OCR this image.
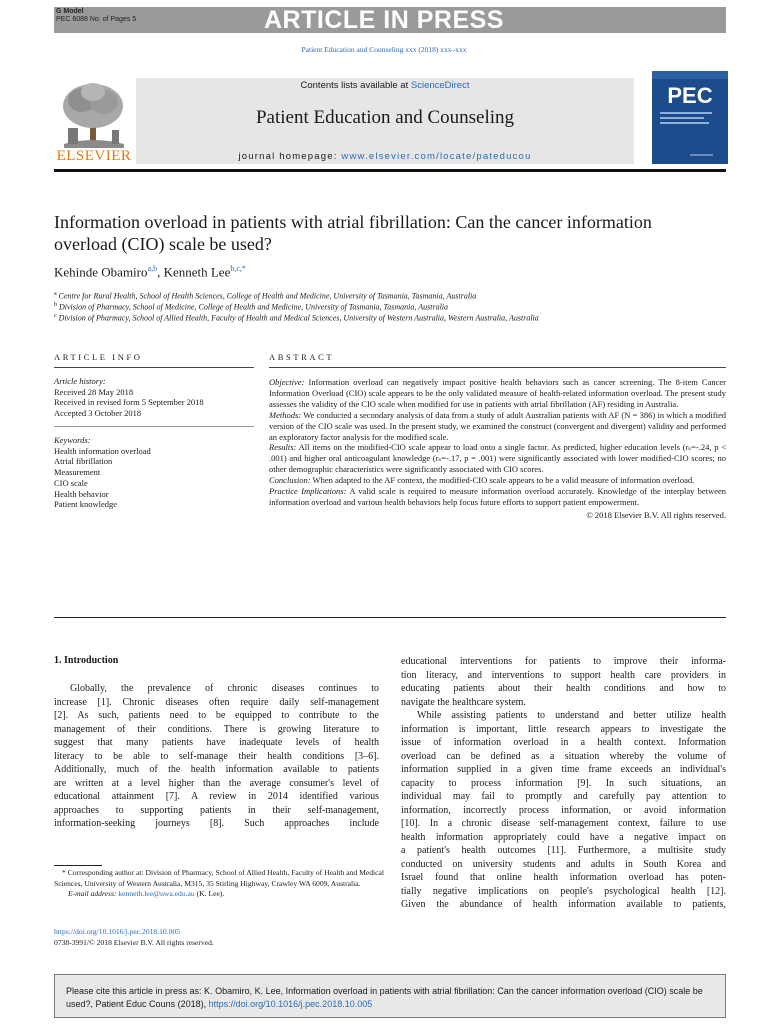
G Model
PEC 6088 No. of Pages 5	ARTICLE IN PRESS
Patient Education and Counseling xxx (2018) xxx–xxx
ELSEVIER
Contents lists available at ScienceDirect
Patient Education and Counseling
journal homepage: www.elsevier.com/locate/pateducou
PEC
Information overload in patients with atrial fibrillation: Can the cancer information overload (CIO) scale be used?
Kehinde Obamiro$^{a,b}$, Kenneth Lee$^{b,c,*}$
$^a$ Centre for Rural Health, School of Health Sciences, College of Health and Medicine, University of Tasmania, Tasmania, Australia
$^b$ Division of Pharmacy, School of Medicine, College of Health and Medicine, University of Tasmania, Tasmania, Australia
$^c$ Division of Pharmacy, School of Allied Health, Faculty of Health and Medical Sciences, University of Western Australia, Western Australia, Australia
ARTICLE INFO	ABSTRACT
Article history:
Received 28 May 2018
Received in revised form 5 September 2018
Accepted 3 October 2018
Keywords:
Health information overload
Atrial fibrillation
Measurement
CIO scale
Health behavior
Patient knowledge
Objective: Information overload can negatively impact positive health behaviors such as cancer screening. The 8-item Cancer Information Overload (CIO) scale appears to be the only validated measure of health-related information overload. The present study assesses the validity of the CIO scale when modified for use in patients with atrial fibrillation (AF) residing in Australia.
Methods: We conducted a secondary analysis of data from a study of adult Australian patients with AF (N = 386) in which a modified version of the CIO scale was used. In the present study, we examined the construct (convergent and divergent) validity and performed an exploratory factor analysis for the modified scale.
Results: All items on the modified-CIO scale appear to load onto a single factor. As predicted, higher education levels (rₛ=-.24, p < .001) and higher oral anticoagulant knowledge (rₛ=-.17, p = .001) were significantly associated with lower modified-CIO scores; no other demographic characteristics were significantly associated with CIO scores.
Conclusion: When adapted to the AF context, the modified-CIO scale appears to be a valid measure of information overload.
Practice Implications: A valid scale is required to measure information overload accurately. Knowledge of the interplay between information overload and various health behaviors help focus future efforts to support patient empowerment.
© 2018 Elsevier B.V. All rights reserved.
1. Introduction
Globally, the prevalence of chronic diseases continues to
increase [1]. Chronic diseases often require daily self-management
[2]. As such, patients need to be equipped to contribute to the
management of their conditions. There is growing literature to
suggest that many patients have inadequate levels of health
literacy to be able to self-manage their health conditions [3–6].
Additionally, much of the health information available to patients
are written at a level higher than the average consumer's level of
educational attainment [7]. A review in 2014 identified various
approaches to supporting patients in their self-management,
information-seeking journeys [8]. Such approaches include
educational interventions for patients to improve their informa-
tion literacy, and interventions to support health care providers in
educating patients about their health conditions and how to
navigate the healthcare system.
While assisting patients to understand and better utilize health
information is important, little research appears to investigate the
issue of information overload in a health context. Information
overload can be defined as a situation whereby the volume of
information supplied in a given time frame exceeds an individual's
capacity to process information [9]. In such situations, an
individual may fail to promptly and carefully pay attention to
information, incorrectly process information, or avoid information
[10]. In a chronic disease self-management context, failure to use
health information appropriately could have a negative impact on
a patient's health outcomes [11]. Furthermore, a multisite study
conducted on university students and adults in South Korea and
Israel found that online health information overload has poten-
tially negative implications on people's psychological health [12].
Given the abundance of health information available to patients,
* Corresponding author at: Division of Pharmacy, School of Allied Health, Faculty of Health and Medical Sciences, University of Western Australia, M315, 35 Stirling Highway, Crawley WA 6009, Australia.
E-mail address: kenneth.lee@uwa.edu.au (K. Lee).
https://doi.org/10.1016/j.pec.2018.10.005
0738-3991/© 2018 Elsevier B.V. All rights reserved.
Please cite this article in press as: K. Obamiro, K. Lee, Information overload in patients with atrial fibrillation: Can the cancer information overload (CIO) scale be used?, Patient Educ Couns (2018), https://doi.org/10.1016/j.pec.2018.10.005
